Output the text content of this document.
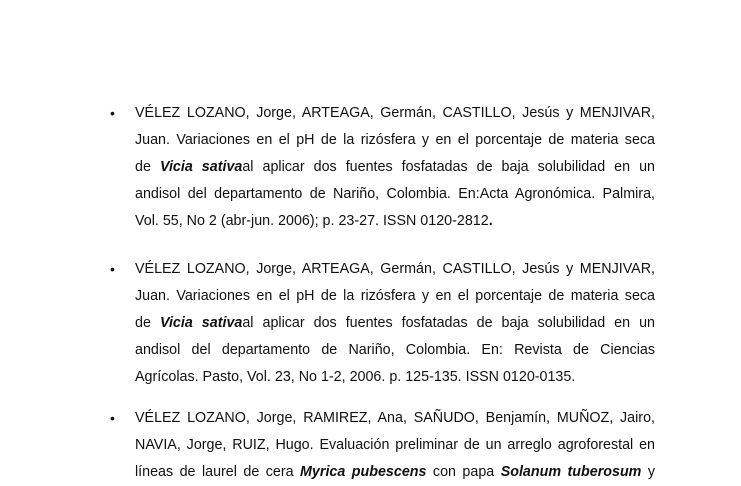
• VÉLEZ LOZANO, Jorge, ARTEAGA, Germán, CASTILLO, Jesús y MENJIVAR,
Juan. Variaciones en el pH de la rizósfera y en el porcentaje de materia seca
de Vicia sativaal aplicar dos fuentes fosfatadas de baja solubilidad en un
andisol del departamento de Nariño, Colombia. En:Acta Agronómica. Palmira,
Vol. 55, No 2 (abr-jun. 2006); p. 23-27. ISSN 0120-2812.
• VÉLEZ LOZANO, Jorge, ARTEAGA, Germán, CASTILLO, Jesús y MENJIVAR,
Juan. Variaciones en el pH de la rizósfera y en el porcentaje de materia seca
de Vicia sativaal aplicar dos fuentes fosfatadas de baja solubilidad en un
andisol del departamento de Nariño, Colombia. En: Revista de Ciencias
Agrícolas. Pasto, Vol. 23, No 1-2, 2006. p. 125-135. ISSN 0120-0135.
• VÉLEZ LOZANO, Jorge, RAMIREZ, Ana, SAÑUDO, Benjamín, MUÑOZ, Jairo,
NAVIA, Jorge, RUIZ, Hugo. Evaluación preliminar de un arreglo agroforestal en
líneas de laurel de cera Myrica pubescens con papa Solanum tuberosum y
